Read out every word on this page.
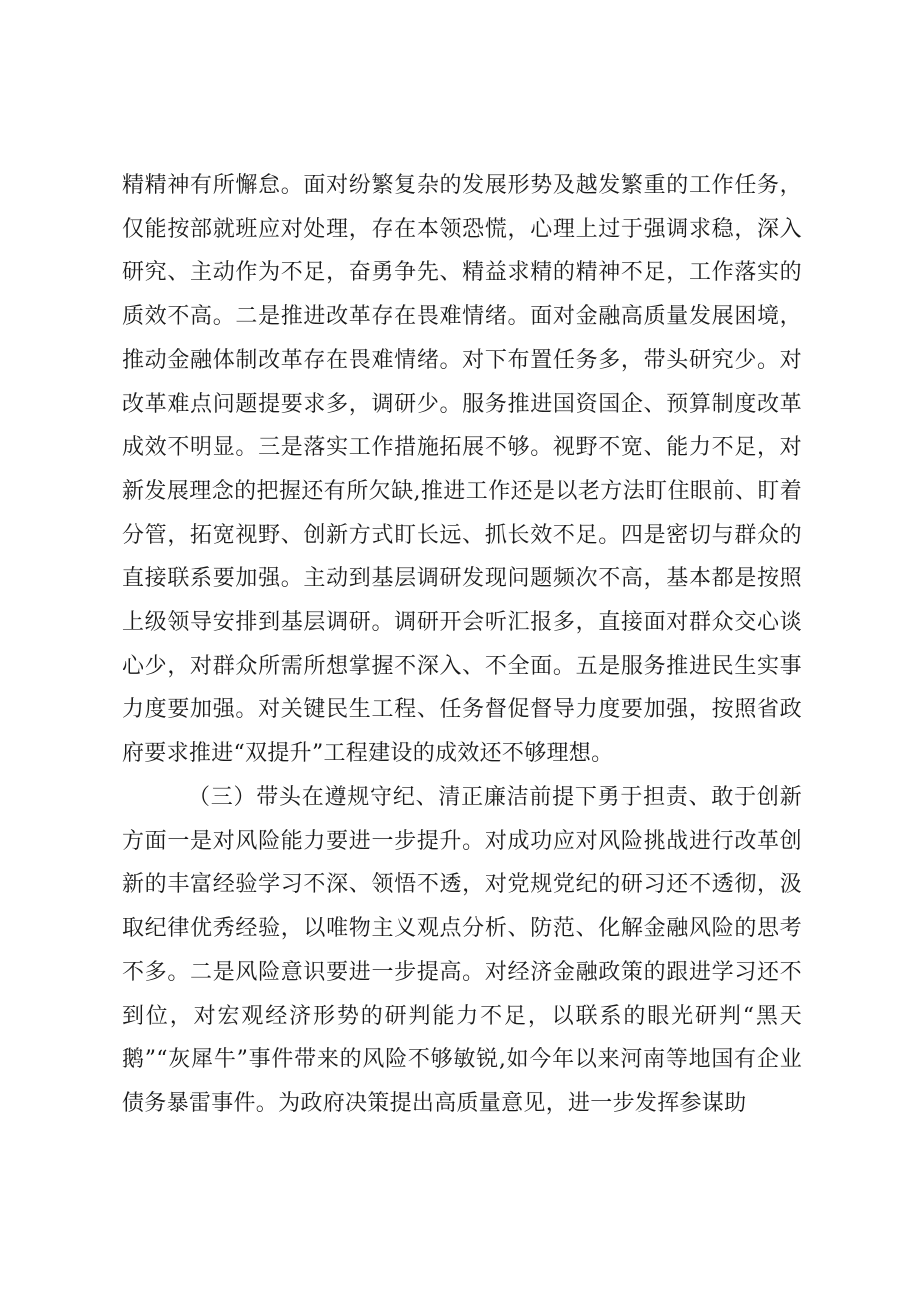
精精神有所懈怠。面对纷繁复杂的发展形势及越发繁重的工作任务，仅能按部就班应对处理，存在本领恐慌，心理上过于强调求稳，深入研究、主动作为不足，奋勇争先、精益求精的精神不足，工作落实的质效不高。二是推进改革存在畏难情绪。面对金融高质量发展困境，推动金融体制改革存在畏难情绪。对下布置任务多，带头研究少。对改革难点问题提要求多，调研少。服务推进国资国企、预算制度改革成效不明显。三是落实工作措施拓展不够。视野不宽、能力不足，对新发展理念的把握还有所欠缺,推进工作还是以老方法盯住眼前、盯着分管，拓宽视野、创新方式盯长远、抓长效不足。四是密切与群众的直接联系要加强。主动到基层调研发现问题频次不高，基本都是按照上级领导安排到基层调研。调研开会听汇报多，直接面对群众交心谈心少，对群众所需所想掌握不深入、不全面。五是服务推进民生实事力度要加强。对关键民生工程、任务督促督导力度要加强，按照省政府要求推进“双提升”工程建设的成效还不够理想。

（三）带头在遵规守纪、清正廉洁前提下勇于担责、敢于创新方面一是对风险能力要进一步提升。对成功应对风险挑战进行改革创新的丰富经验学习不深、领悟不透，对党规党纪的研习还不透彻，汲取纪律优秀经验，以唯物主义观点分析、防范、化解金融风险的思考不多。二是风险意识要进一步提高。对经济金融政策的跟进学习还不到位，对宏观经济形势的研判能力不足，以联系的眼光研判“黑天鹅”“灰犀牛”事件带来的风险不够敏锐,如今年以来河南等地国有企业债务暴雷事件。为政府决策提出高质量意见，进一步发挥参谋助
